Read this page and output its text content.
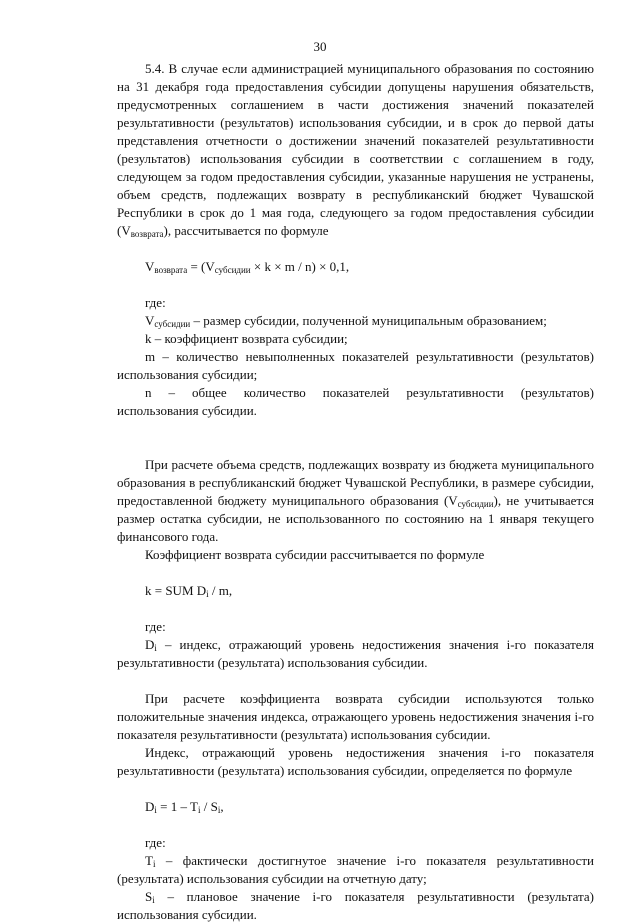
30

5.4. В случае если администрацией муниципального образования по состоянию на 31 декабря года предоставления субсидии допущены нарушения обязательств, предусмотренных соглашением в части достижения значений показателей результативности (результатов) использования субсидии, и в срок до первой даты представления отчетности о достижении значений показателей результативности (результатов) использования субсидии в соответствии с соглашением в году, следующем за годом предоставления субсидии, указанные нарушения не устранены, объем средств, подлежащих возврату в республиканский бюджет Чувашской Республики в срок до 1 мая года, следующего за годом предоставления субсидии $(V_{возврата})$, рассчитывается по формуле

$V_{возврата} = (V_{субсидии} \times k \times m / n) \times 0,1$,

где:

$V_{субсидии}$ – размер субсидии, полученной муниципальным образованием;

k – коэффициент возврата субсидии;

m – количество невыполненных показателей результативности (результатов) использования субсидии;

n – общее количество показателей результативности (результатов) использования субсидии.

При расчете объема средств, подлежащих возврату из бюджета муниципального образования в республиканский бюджет Чувашской Республики, в размере субсидии, предоставленной бюджету муниципального образования $(V_{субсидии})$, не учитывается размер остатка субсидии, не использованного по состоянию на 1 января текущего финансового года.

Коэффициент возврата субсидии рассчитывается по формуле

k = SUM $D_i$ / m,

где:

$D_i$ – индекс, отражающий уровень недостижения значения i-го показателя результативности (результата) использования субсидии.

При расчете коэффициента возврата субсидии используются только положительные значения индекса, отражающего уровень недостижения значения i-го показателя результативности (результата) использования субсидии.

Индекс, отражающий уровень недостижения значения i-го показателя результативности (результата) использования субсидии, определяется по формуле

$D_i = 1 - T_i / S_i$,

где:

$T_i$ – фактически достигнутое значение i-го показателя результативности (результата) использования субсидии на отчетную дату;

$S_i$ – плановое значение i-го показателя результативности (результата) использования субсидии.
